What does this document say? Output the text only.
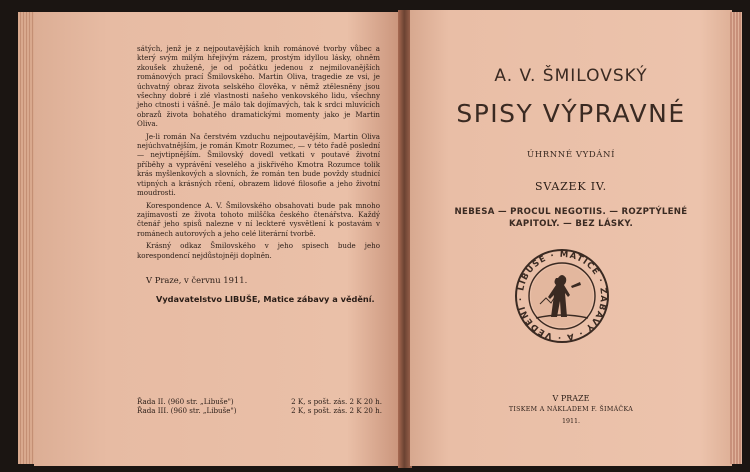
sátých, jenž je z nejpoutavějších knih románové tvorby vůbec a který svým milým hřejivým rázem, prostým idyllou lásky, ohněm zkoušek zhuženě, je od počátku jedenou z nejmilovanějších románových prací Šmilovského. Martin Oliva, tragedie ze vsi, je úchvatný obraz života selského člověka, v němž ztělesněny jsou všechny dobré i zlé vlastnosti našeho venkovského lidu, všechny jeho ctnosti i vášně. Je málo tak dojímavých, tak k srdci mluvících obrazů života bohatého dramatickými momenty jako je Martin Oliva.

Je-li román Na čerstvém vzduchu nejpoutavějším, Martin Oliva nejúchvatnějším, je román Kmotr Rozumec, — v této řadě poslední — nejvtipnějším. Šmilovský dovedl vetkati v poutavé životní příběhy a vyprávění veselého a jiskřivého Kmotra Rozumce tolik krás myšlenkových a slovních, že román ten bude povždy studnicí vtipných a krásných rčení, obrazem lidové filosofie a jeho životní moudrosti.

Korespondence A. V. Šmilovského obsahovati bude pak mnoho zajímavostí ze života tohoto milščka českého čtenářstva. Každý čtenář jeho spisů nalezne v ní leckteré vysvětlení k postavám v románech autorových a jeho celé literární tvorbě.

Krásný odkaz Šmilovského v jeho spisech bude jeho korespondencí nejdůstojněji doplněn.

V Praze, v červnu 1911.
Vydavatelstvo LIBUŠE, Matice zábavy a vědění.
Řada II. (960 str. „Libuše")	2 K, s pošt. zás. 2 K 20 h.
Řada III. (960 str. „Libuše")	2 K, s pošt. zás. 2 K 20 h.
A. V. ŠMILOVSKÝ
SPISY VÝPRAVNÉ
ÚHRNNÉ VYDÁNÍ
SVAZEK IV.
NEBESA — PROCUL NEGOTIIS. — ROZPTÝLENÉ
KAPITOLY. — BEZ LÁSKY.
LIBUŠE · MATICE · ZÁBAVY · A · VĚDĚNÍ ·
V PRAZE
TISKEM A NÁKLADEM F. ŠIMÁČKA
1911.
